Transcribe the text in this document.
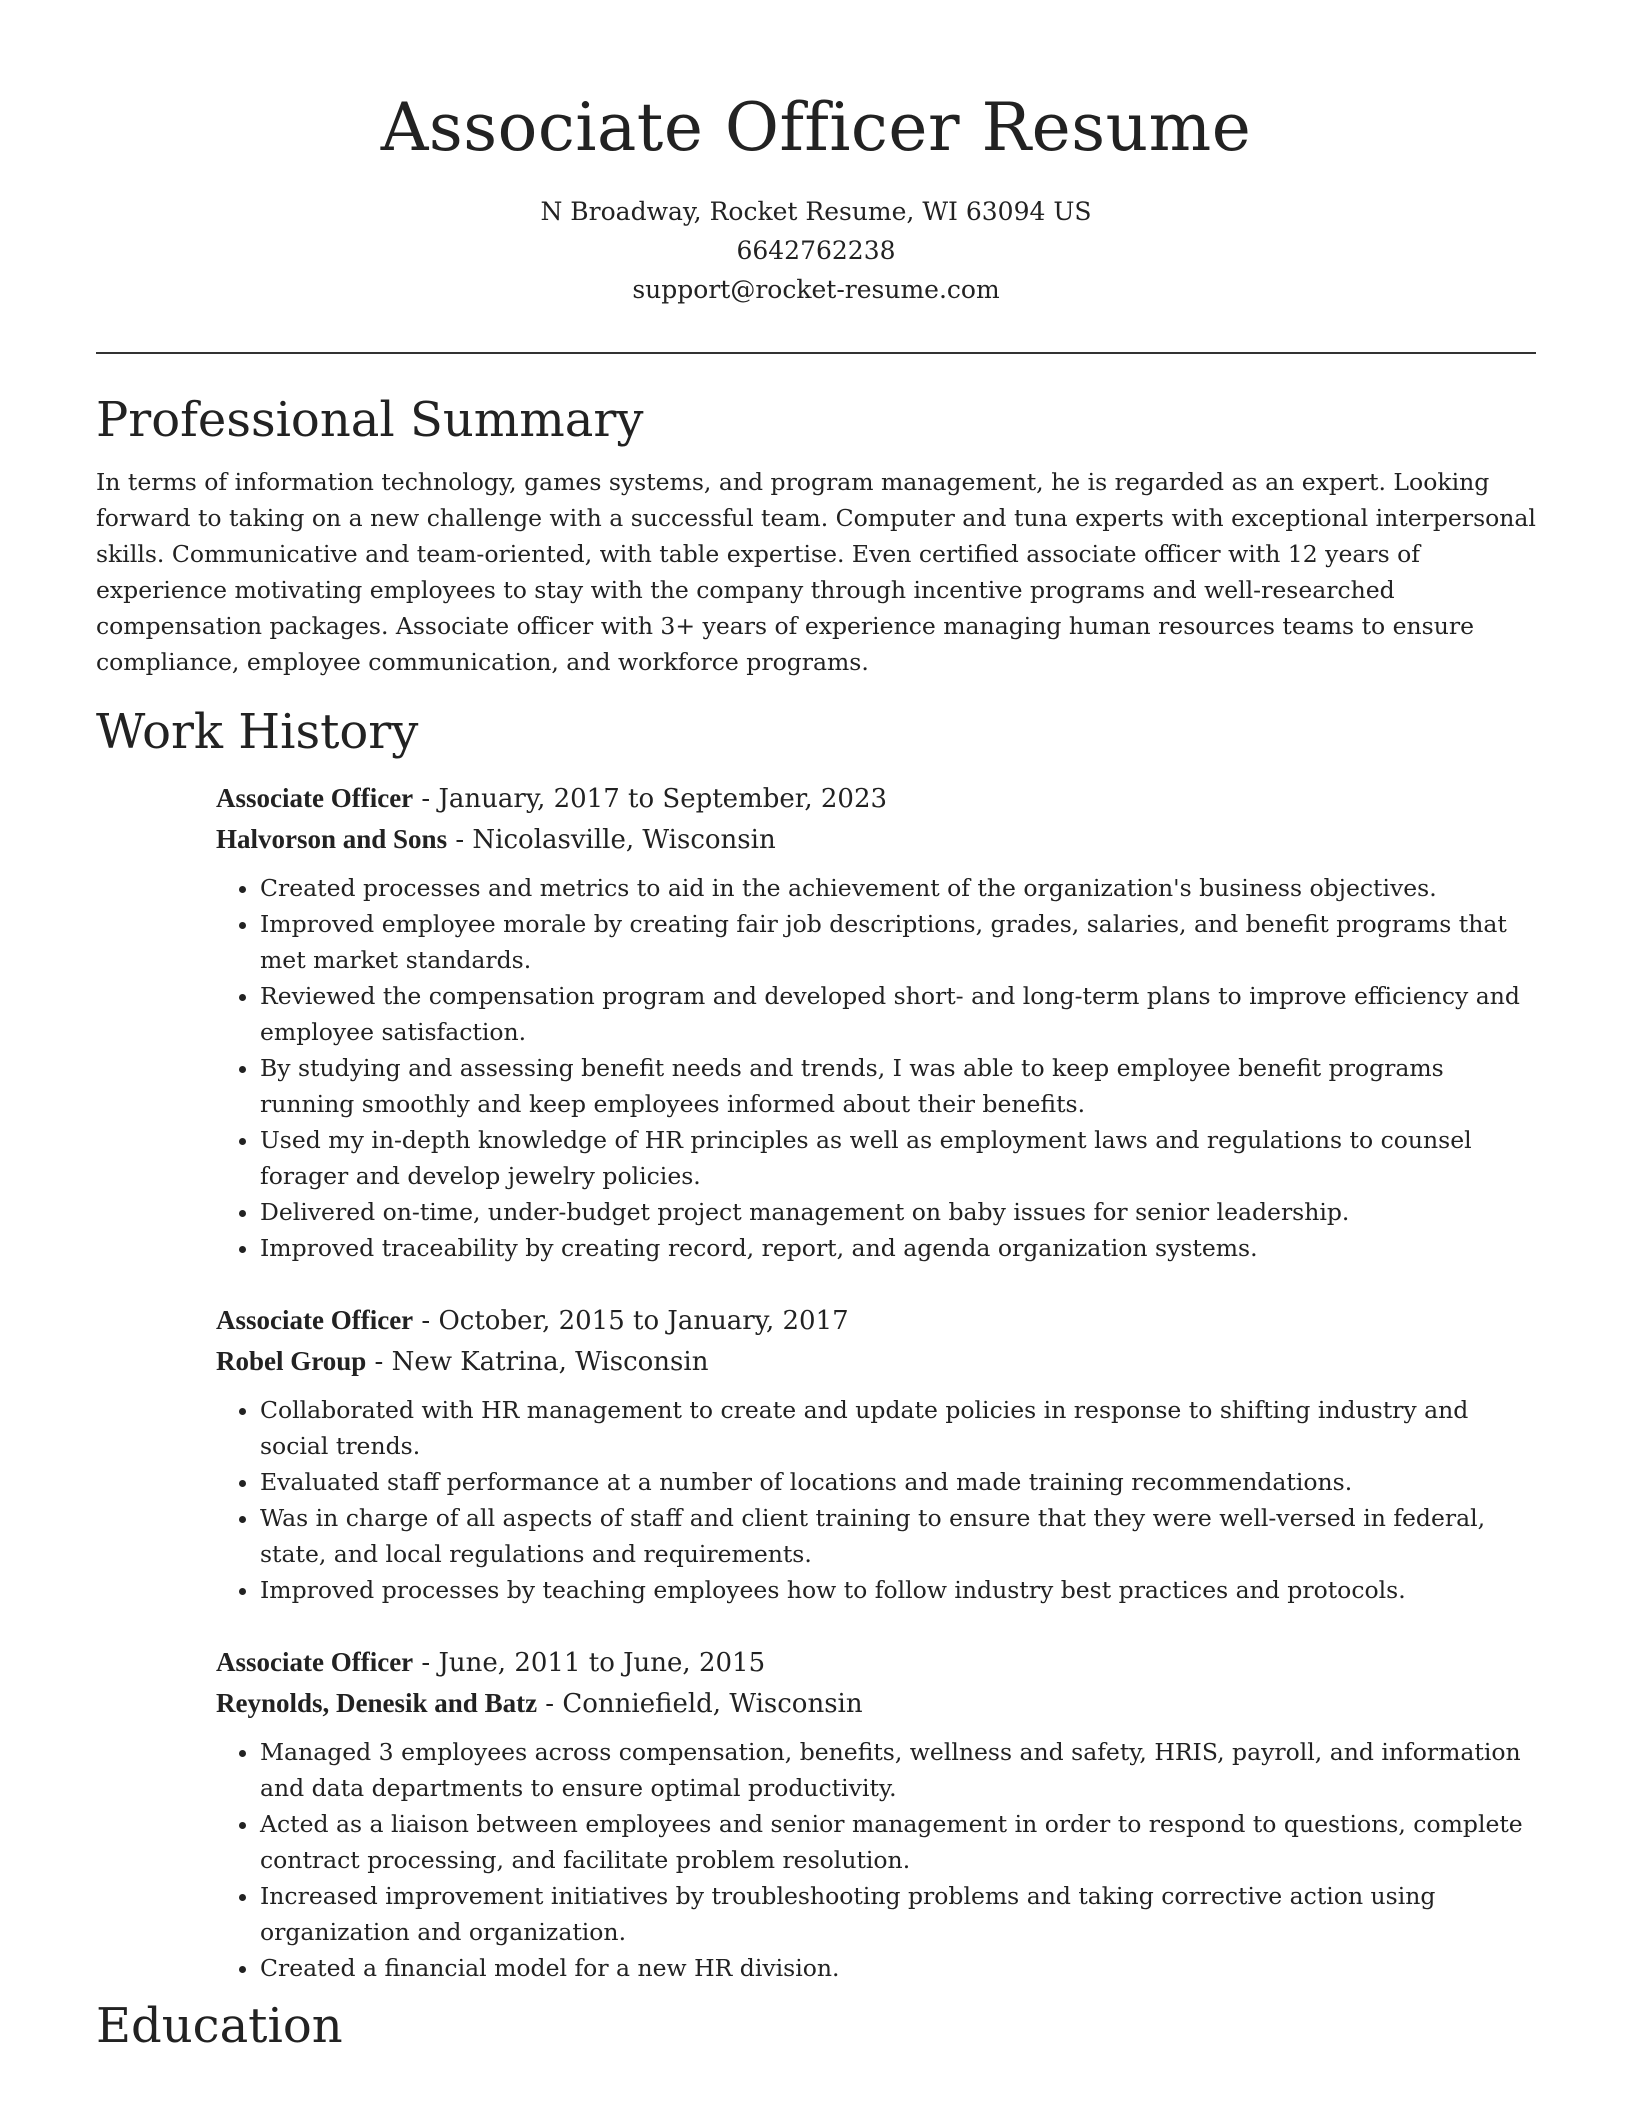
Associate Officer Resume

N Broadway, Rocket Resume, WI 63094 US

6642762238

support@rocket-resume.com

Professional Summary

In terms of information technology, games systems, and program management, he is regarded as an expert. Looking forward to taking on a new challenge with a successful team. Computer and tuna experts with exceptional interpersonal skills. Communicative and team-oriented, with table expertise. Even certified associate officer with 12 years of experience motivating employees to stay with the company through incentive programs and well-researched compensation packages. Associate officer with 3+ years of experience managing human resources teams to ensure compliance, employee communication, and workforce programs.

Work History

Associate Officer - January, 2017 to September, 2023

Halvorson and Sons - Nicolasville, Wisconsin

• Created processes and metrics to aid in the achievement of the organization's business objectives.
• Improved employee morale by creating fair job descriptions, grades, salaries, and benefit programs that met market standards.
• Reviewed the compensation program and developed short- and long-term plans to improve efficiency and employee satisfaction.
• By studying and assessing benefit needs and trends, I was able to keep employee benefit programs running smoothly and keep employees informed about their benefits.
• Used my in-depth knowledge of HR principles as well as employment laws and regulations to counsel forager and develop jewelry policies.
• Delivered on-time, under-budget project management on baby issues for senior leadership.
• Improved traceability by creating record, report, and agenda organization systems.

Associate Officer - October, 2015 to January, 2017

Robel Group - New Katrina, Wisconsin

• Collaborated with HR management to create and update policies in response to shifting industry and social trends.
• Evaluated staff performance at a number of locations and made training recommendations.
• Was in charge of all aspects of staff and client training to ensure that they were well-versed in federal, state, and local regulations and requirements.
• Improved processes by teaching employees how to follow industry best practices and protocols.

Associate Officer - June, 2011 to June, 2015

Reynolds, Denesik and Batz - Conniefield, Wisconsin

• Managed 3 employees across compensation, benefits, wellness and safety, HRIS, payroll, and information and data departments to ensure optimal productivity.
• Acted as a liaison between employees and senior management in order to respond to questions, complete contract processing, and facilitate problem resolution.
• Increased improvement initiatives by troubleshooting problems and taking corrective action using organization and organization.
• Created a financial model for a new HR division.
Education
